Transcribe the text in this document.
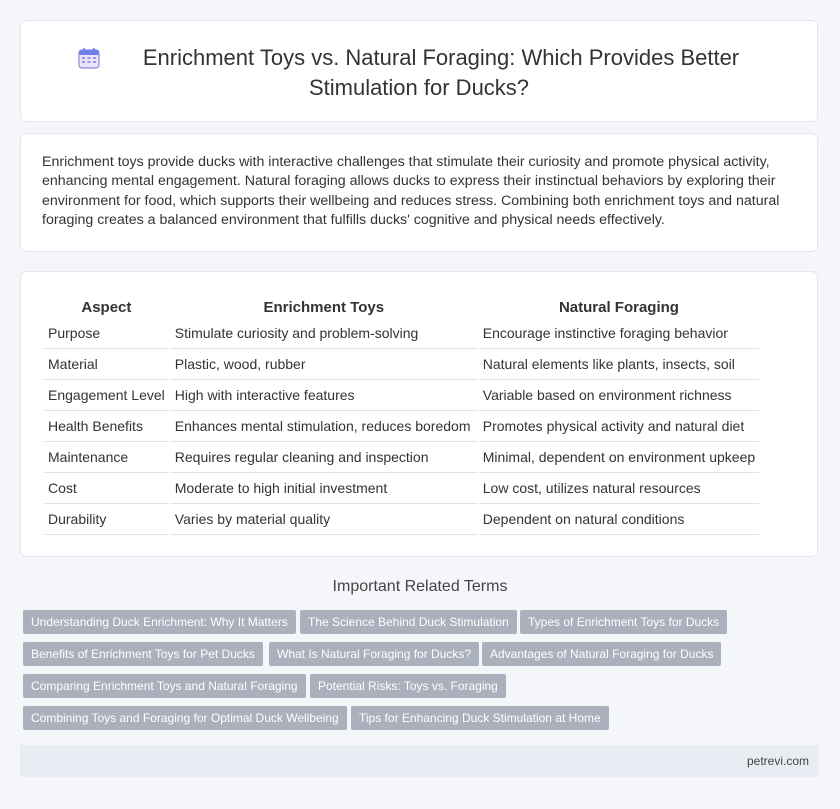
Enrichment Toys vs. Natural Foraging: Which Provides Better
Stimulation for Ducks?

Enrichment toys provide ducks with interactive challenges that stimulate their curiosity and promote physical activity, enhancing mental engagement. Natural foraging allows ducks to express their instinctual behaviors by exploring their environment for food, which supports their wellbeing and reduces stress. Combining both enrichment toys and natural foraging creates a balanced environment that fulfills ducks' cognitive and physical needs effectively.

Aspect	Enrichment Toys	Natural Foraging
Purpose	Stimulate curiosity and problem-solving	Encourage instinctive foraging behavior
Material	Plastic, wood, rubber	Natural elements like plants, insects, soil
Engagement Level	High with interactive features	Variable based on environment richness
Health Benefits	Enhances mental stimulation, reduces boredom	Promotes physical activity and natural diet
Maintenance	Requires regular cleaning and inspection	Minimal, dependent on environment upkeep
Cost	Moderate to high initial investment	Low cost, utilizes natural resources
Durability	Varies by material quality	Dependent on natural conditions
Important Related Terms
Understanding Duck Enrichment: Why It Matters	The Science Behind Duck Stimulation	Types of Enrichment Toys for Ducks
Benefits of Enrichment Toys for Pet Ducks	What Is Natural Foraging for Ducks?	Advantages of Natural Foraging for Ducks
Comparing Enrichment Toys and Natural Foraging	Potential Risks: Toys vs. Foraging
Combining Toys and Foraging for Optimal Duck Wellbeing	Tips for Enhancing Duck Stimulation at Home
petrevi.com
